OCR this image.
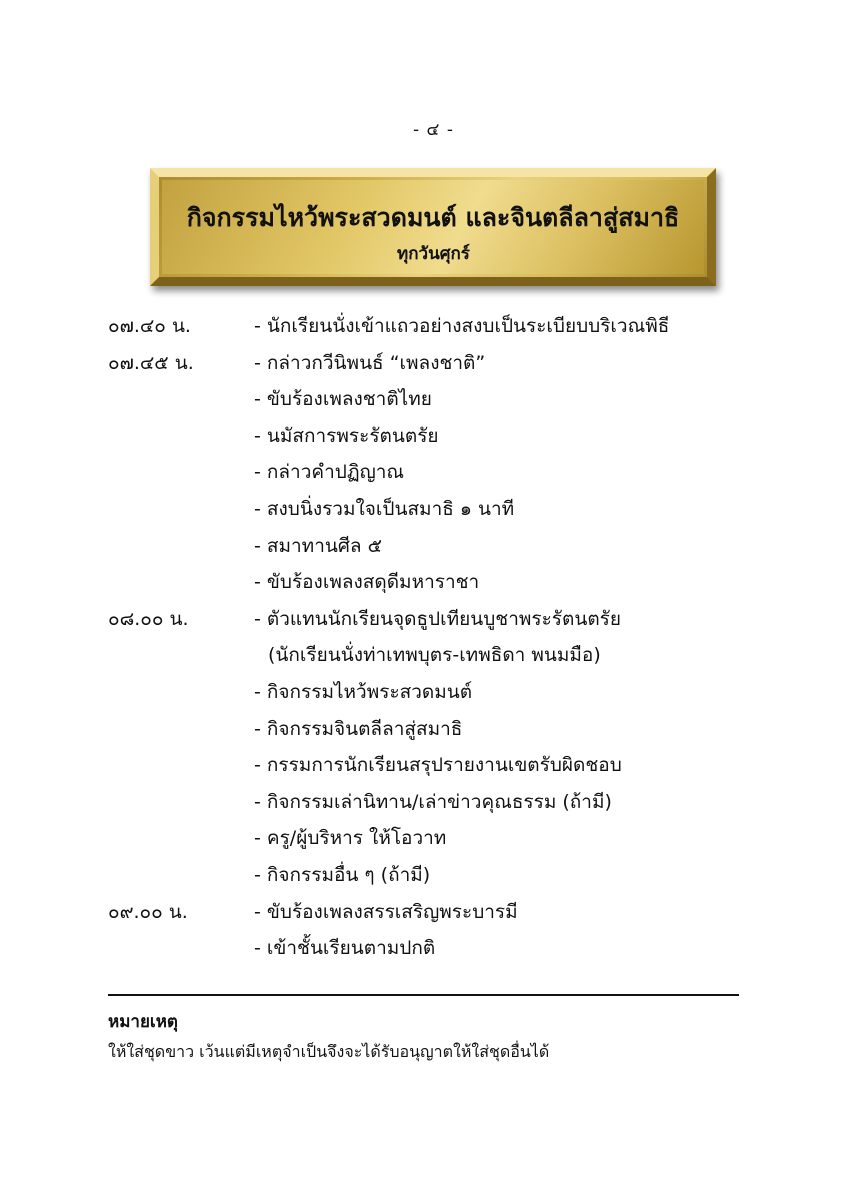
- ๔ -
กิจกรรมไหว้พระสวดมนต์ และจินตลีลาสู่สมาธิ
ทุกวันศุกร์
๐๗.๔๐ น.	- นักเรียนนั่งเข้าแถวอย่างสงบเป็นระเบียบบริเวณพิธี
๐๗.๔๕ น.	- กล่าวกวีนิพนธ์ “เพลงชาติ”
- ขับร้องเพลงชาติไทย
- นมัสการพระรัตนตรัย
- กล่าวคำปฏิญาณ
- สงบนิ่งรวมใจเป็นสมาธิ ๑ นาที
- สมาทานศีล ๕
- ขับร้องเพลงสดุดีมหาราชา
๐๘.๐๐ น.	- ตัวแทนนักเรียนจุดธูปเทียนบูชาพระรัตนตรัย
(นักเรียนนั่งท่าเทพบุตร-เทพธิดา พนมมือ)
- กิจกรรมไหว้พระสวดมนต์
- กิจกรรมจินตลีลาสู่สมาธิ
- กรรมการนักเรียนสรุปรายงานเขตรับผิดชอบ
- กิจกรรมเล่านิทาน/เล่าข่าวคุณธรรม (ถ้ามี)
- ครู/ผู้บริหาร ให้โอวาท
- กิจกรรมอื่น ๆ (ถ้ามี)
๐๙.๐๐ น.	- ขับร้องเพลงสรรเสริญพระบารมี
- เข้าชั้นเรียนตามปกติ
หมายเหตุ
ให้ใส่ชุดขาว เว้นแต่มีเหตุจำเป็นจึงจะได้รับอนุญาตให้ใส่ชุดอื่นได้
